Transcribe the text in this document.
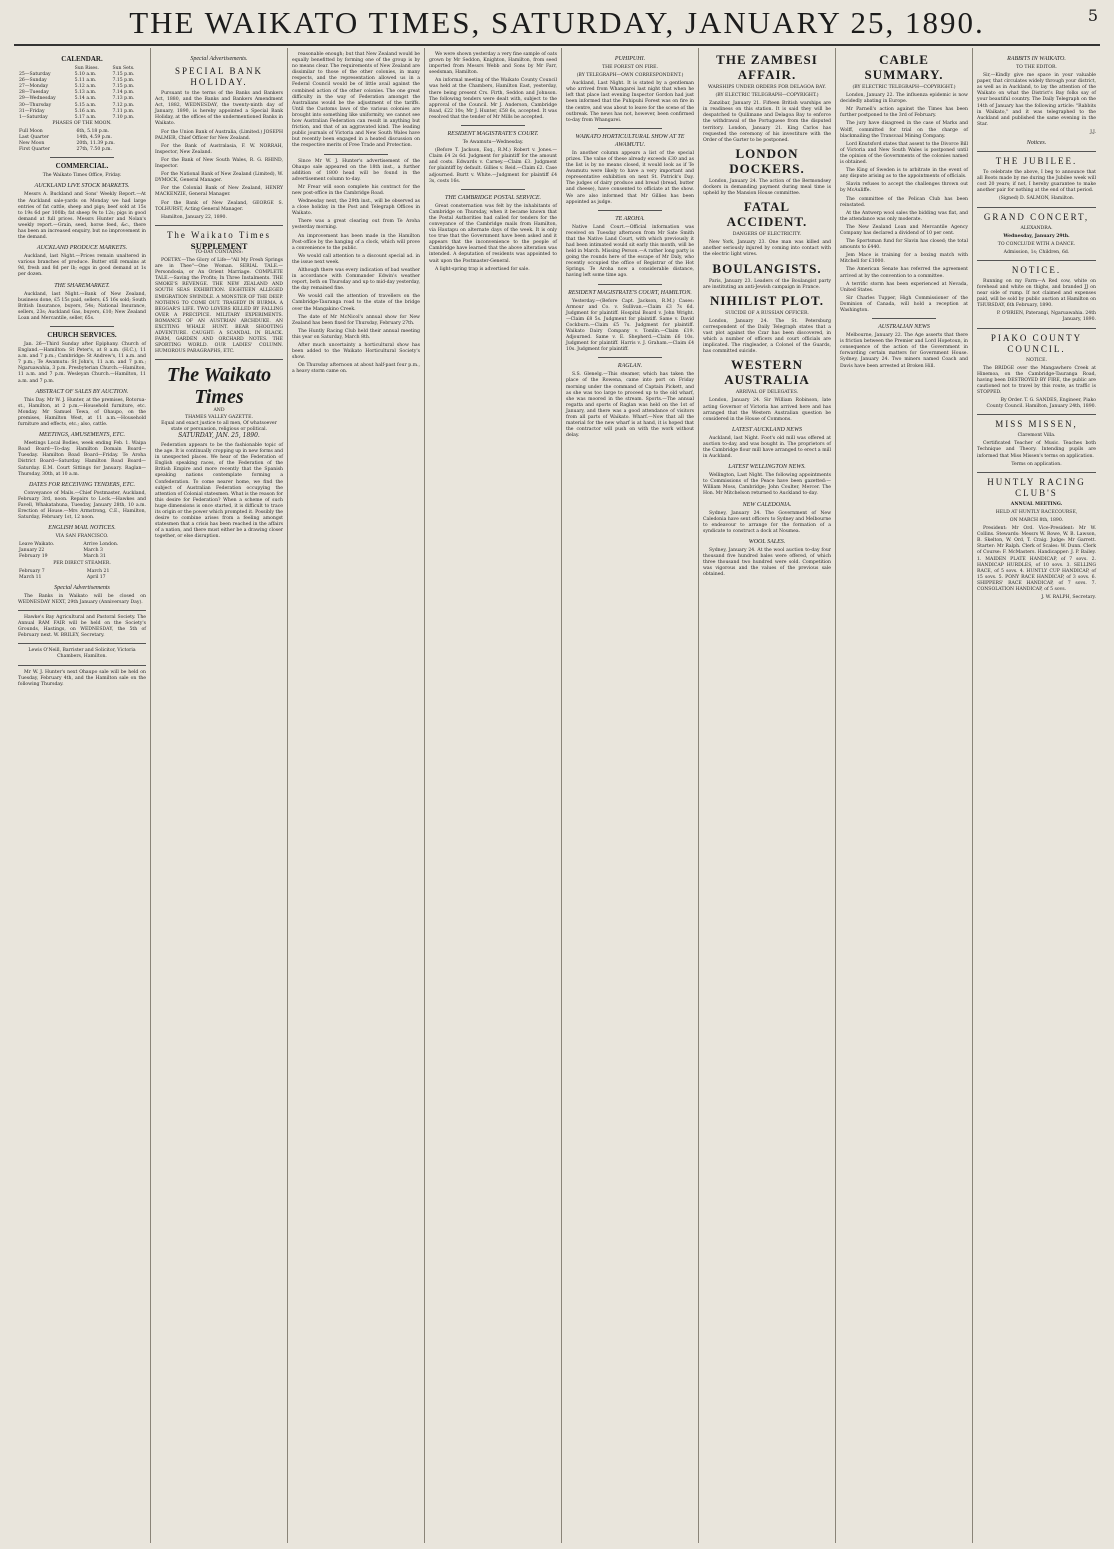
THE WAIKATO TIMES, SATURDAY, JANUARY 25, 1890.	5
CALENDAR.
	Sun Rises.	Sun Sets.
25—Saturday	5.10 a.m.	7.15 p.m.
26—Sunday	5.11 a.m.	7.15 p.m.
27—Monday	5.12 a.m.	7.15 p.m.
28—Tuesday	5.13 a.m.	7.14 p.m.
29—Wednesday	5.14 a.m.	7.13 p.m.
30—Thursday	5.15 a.m.	7.12 p.m.
31—Friday	5.16 a.m.	7.11 p.m.
1—Saturday	5.17 a.m.	7.10 p.m.
PHASES OF THE MOON.
Full Moon	6th, 5.18 p.m.
Last Quarter	14th, 4.59 p.m.
New Moon	20th, 11.39 p.m.
First Quarter	27th, 7.50 p.m.
COMMERCIAL.
The Waikato Times Office, Friday.
AUCKLAND LIVE STOCK MARKETS.

Messrs A. Buckland and Sons' Weekly Report.—At the Auckland sale-yards on Monday we had large entries of fat cattle, sheep and pigs; beef sold at 15s to 19s 6d per 100lb; fat sheep 9s to 12s; pigs in good demand at full prices. Messrs Hunter and Nolan's weekly report.—Grain, seed, horse feed, &c., there has been an increased enquiry, but no improvement in the demand.

AUCKLAND PRODUCE MARKETS.

Auckland, last Night.—Prices remain unaltered in various branches of produce. Butter still remains at 9d, fresh and 8d per lb; eggs in good demand at 1s per dozen.

THE SHAREMARKET.

Auckland, last Night.—Bank of New Zealand, business done, £5 15s paid, sellers, £5 16s sold; South British Insurance, buyers, 54s; National Insurance, sellers, 23s; Auckland Gas, buyers, £10; New Zealand Loan and Mercantile, seller, 65s.

CHURCH SERVICES.

Jan. 26—Third Sunday after Epiphany. Church of England.—Hamilton: St Peter's, at 8 a.m. (H.C.), 11 a.m. and 7 p.m.; Cambridge: St Andrew's, 11 a.m. and 7 p.m.; Te Awamutu: St John's, 11 a.m. and 7 p.m.; Ngaruawahia, 3 p.m. Presbyterian Church.—Hamilton, 11 a.m. and 7 p.m. Wesleyan Church.—Hamilton, 11 a.m. and 7 p.m.

ABSTRACT OF SALES BY AUCTION.

This Day. Mr W. J. Hunter, at the premises, Rotorua-st., Hamilton, at 2 p.m.—Household furniture, etc. Monday. Mr Samuel Tewa, of Ohaupo, on the premises, Hamilton West, at 11 a.m.—Household furniture and effects, etc.; also, cattle.

MEETINGS, AMUSEMENTS, ETC.

Meetings Local Bodies, week ending Feb. 1. Waipa Road Board—To-day. Hamilton Domain Board—Tuesday. Hamilton Road Board—Friday. Te Aroha District Board—Saturday. Hamilton Road Board—Saturday. E.M. Court Sittings for January. Raglan—Thursday, 30th, at 10 a.m.

DATES FOR RECEIVING TENDERS, ETC.

Conveyance of Mails.—Chief Postmaster, Auckland, February 3rd, noon. Repairs to Lock.—Hawkes and Favell, Whakatahuna, Tuesday, January 28th, 10 a.m. Erection of House.—Mrs Armstrong, C.E., Hamilton, Saturday, February 1st, 12 noon.

ENGLISH MAIL NOTICES.
VIA SAN FRANCISCO.
Leave Waikato.	Arrive London.
January 22	March 3
February 19	March 31
PER DIRECT STEAMER.
February 7	March 21
March 11	April 17
Special Advertisements

The Banks in Waikato will be closed on WEDNESDAY NEXT, 29th January (Anniversary Day).

Hawke's Bay Agricultural and Pastoral Society. The Annual RAM FAIR will be held on the Society's Grounds, Hastings, on WEDNESDAY, the 5th of February next. W. BRILEY, Secretary.

Lewis O'Neill, Barrister and Solicitor, Victoria Chambers, Hamilton.

Mr W. J. Hunter's next Ohaupo sale will be held on Tuesday, February 4th, and the Hamilton sale on the following Thursday.

Special Advertisements.
SPECIAL BANK HOLIDAY.

Pursuant to the terms of the Banks and Bankers Act, 1880, and the Banks and Bankers Amendment Act, 1882, WEDNESDAY, the twenty-ninth day of January, 1890, is hereby appointed a Special Bank Holiday, at the offices of the undermentioned Banks in Waikato.

For the Union Bank of Australia, (Limited.) JOSEPH PALMER, Chief Officer for New Zealand.

For the Bank of Australasia, F. W. NORRAH, Inspector, New Zealand.

For the Bank of New South Wales, R. G. RHIND, Inspector.

For the National Bank of New Zealand (Limited), W. DYMOCK, General Manager.

For the Colonial Bank of New Zealand, HENRY MACKENZIE, General Manager.

For the Bank of New Zealand, GEORGE S. TOLHURST, Acting General Manager.

Hamilton, January 22, 1890.

The Waikato Times
SUPPLEMENT
TO-DAY CONTAINS:

POETRY.—The Glory of Life—"All My Fresh Springs are in Thee"—One Woman. SERIAL TALE.—Persondosia, or An Orient Marriage. COMPLETE TALE.—Saving the Profits; In Three Instalments. THE SMOKE'S REVENGE. THE NEW ZEALAND AND SOUTH SEAS EXHIBITION. EIGHTEEN ALLEGED EMIGRATION SWINDLE. A MONSTER OF THE DEEP. NOTHING TO COME OUT. TRAGEDY IN BURMA. A BEGGAR'S LIFE. TWO LOVERS KILLED BY FALLING OVER A PRECIPICE. MILITARY EXPERIMENTS. ROMANCE OF AN AUSTRIAN ARCHDUKE. AN EXCITING WHALE HUNT. BEAR SHOOTING ADVENTURE. CAUGHT: A SCANDAL IN BLACK. FARM, GARDEN AND ORCHARD NOTES. THE SPORTING WORLD. OUR LADIES' COLUMN. HUMOROUS PARAGRAPHS, ETC.

The Waikato Times
AND
THAMES VALLEY GAZETTE.
Equal and exact justice to all men, Of whatsoever state or persuasion, religious or political.
SATURDAY, JAN. 25, 1890.

Federation appears to be the fashionable topic of the age. It is continually cropping up in new forms and in unexpected places. We hear of the Federation of English speaking races, of the Federation of the British Empire and more recently that the Spanish speaking nations contemplate forming a Confederation. To come nearer home, we find the subject of Australian Federation occupying the attention of Colonial statesmen. What is the reason for this desire for Federation? When a scheme of such huge dimensions is once started, it is difficult to trace its origin or the power which prompted it. Possibly the desire to combine arises from a feeling amongst statesmen that a crisis has been reached in the affairs of a nation, and there must either be a drawing closer together, or else disruption.

reasonable enough; but that New Zealand would be equally benefitted by forming one of the group is by no means clear. The requirements of New Zealand are dissimilar to those of the other colonies, in many respects, and the representation allowed us in a Federal Council would be of little avail against the combined action of the other colonies. The one great difficulty in the way of Federation amongst the Australians would be the adjustment of the tariffs. Until the Customs laws of the various colonies are brought into something like uniformity, we cannot see how Australian Federation can result in anything but friction, and that of an aggravated kind. The leading public journals of Victoria and New South Wales have but recently been engaged in a heated discussion on the respective merits of Free Trade and Protection.

Since Mr W. J. Hunter's advertisement of the Ohaupo sale appeared on the 18th inst., a further addition of 1800 head will be found in the advertisement column to-day.

Mr Frear will soon complete his contract for the new post-office in the Cambridge Road.

Wednesday next, the 29th inst., will be observed as a close holiday in the Post and Telegraph Offices in Waikato.

There was a great clearing out from Te Aroha yesterday morning.

An improvement has been made in the Hamilton Post-office by the hanging of a clock, which will prove a convenience to the public.

We would call attention to a discount special ad. in the issue next week.

Although there was every indication of bad weather in accordance with Commander Edwin's weather report, both on Thursday and up to mid-day yesterday, the day remained fine.

We would call the attention of travellers on the Cambridge-Tauranga road to the state of the bridge over the Mangakino Creek.

The date of Mr McNicol's annual show for New Zealand has been fixed for Thursday, February 27th.

The Huntly Racing Club held their annual meeting this year on Saturday, March 8th.

After much uncertainty a horticultural show has been added to the Waikato Horticultural Society's show.

On Thursday afternoon at about half-past four p.m., a heavy storm came on.

We were shown yesterday a very fine sample of oats grown by Mr Seddon, Knighton, Hamilton, from seed imported from Messrs Webb and Sons by Mr Farr, seedsman, Hamilton.

An informal meeting of the Waikato County Council was held at the Chambers, Hamilton East, yesterday, there being present Crs. Firth, Seddon and Johnson. The following tenders were dealt with, subject to the approval of the Council. Mr J. Anderson, Cambridge Road, £22 10s; Mr J. Hunter, £58 6s, accepted. It was resolved that the tender of Mr Mills be accepted.

RESIDENT MAGISTRATE'S COURT.
Te Awamutu—Wednesday.

(Before T. Jackson, Esq., R.M.) Robert v. Jones.—Claim £4 2s 6d. Judgment for plaintiff for the amount and costs. Edwards v. Carney.—Claim £3. Judgment for plaintiff by default. Gillies v. Reid.—Claim £2. Case adjourned. Burtt v. White.—Judgment for plaintiff £4 3s, costs 16s.

THE CAMBRIDGE POSTAL SERVICE.

Great consternation was felt by the inhabitants of Cambridge on Thursday, when it became known that the Postal Authorities had called for tenders for the conveyance of the Cambridge mails from Hamilton, via Hautapu on alternate days of the week. It is only too true that the Government have been asked and it appears that the inconvenience to the people of Cambridge have learned that the above alteration was intended. A deputation of residents was appointed to wait upon the Postmaster-General.

A light-spring trap is advertised for sale.

PUHIPUHI.
THE FOREST ON FIRE.
(BY TELEGRAPH—OWN CORRESPONDENT.)

Auckland, Last Night. It is stated by a gentleman who arrived from Whangarei last night that when he left that place last evening Inspector Gordon had just been informed that the Puhipuhi Forest was on fire in the centre, and was about to leave for the scene of the outbreak. The news has not, however, been confirmed to-day from Whangarei.

WAIKATO HORTICULTURAL SHOW AT TE AWAMUTU.

In another column appears a list of the special prizes. The value of these already exceeds £30 and as the list is by no means closed, it would look as if Te Awamutu were likely to have a very important and representative exhibition on next St. Patrick's Day. The judges of dairy produce and bread (bread, butter and cheese), have consented to officiate at the show. We are also informed that Mr Gillies has been appointed as judge.

TE AROHA.

Native Land Court.—Official information was received on Tuesday afternoon from Mr Sate Smith that the Native Land Court, with which previously it had been intimated would sit early this month, will be held in March. Missing Person.—A rather long party is going the rounds here of the escape of Mr Daly, who recently occupied the office of Registrar of the Hot Springs. Te Aroha now a considerable distance, having left some time ago.

RESIDENT MAGISTRATE'S COURT, HAMILTON.

Yesterday.—(Before Capt. Jackson, R.M.) Cases: Armour and Co. v. Sullivan.—Claim £3 7s 6d. Judgment for plaintiff. Hospital Board v. John Wright.—Claim £8 5s. Judgment for plaintiff. Same v. David Cockburn.—Claim £5 7s. Judgment for plaintiff. Waikato Dairy Company v. Tomlin.—Claim £19. Adjourned. Same v. E. Shepherd.—Claim £6 10s. Judgment for plaintiff. Harris v. J. Graham.—Claim £4 10s. Judgment for plaintiff.

RAGLAN.

S.S. Glenelg.—This steamer, which has taken the place of the Rowena, came into port on Friday morning under the command of Captain Pickett, and as she was too large to proceed up to the old wharf, she was moored in the stream. Sports.—The annual regatta and sports of Raglan was held on the 1st of January, and there was a good attendance of visitors from all parts of Waikato. Wharf.—Now that all the material for the new wharf is at hand, it is hoped that the contractor will push on with the work without delay.

THE ZAMBESI AFFAIR.
WARSHIPS UNDER ORDERS FOR DELAGOA BAY.
(BY ELECTRIC TELEGRAPH—COPYRIGHT.)

Zanzibar, January 21. Fifteen British warships are in readiness on this station. It is said they will be despatched to Quilimane and Delagoa Bay to enforce the withdrawal of the Portuguese from the disputed territory. London, January 21. King Carlos has requested the ceremony of his investiture with the Order of the Garter to be postponed.

LONDON DOCKERS.

London, January 24. The action of the Bermondsey dockers in demanding payment during meal time is upheld by the Mansion House committee.

FATAL ACCIDENT.
DANGERS OF ELECTRICITY.

New York, January 23. One man was killed and another seriously injured by coming into contact with the electric light wires.

BOULANGISTS.

Paris, January 23. Leaders of the Boulangist party are instituting an anti-Jewish campaign in France.

NIHILIST PLOT.
SUICIDE OF A RUSSIAN OFFICER.

London, January 24. The St. Petersburg correspondent of the Daily Telegraph states that a vast plot against the Czar has been discovered, in which a number of officers and court officials are implicated. The ringleader, a Colonel of the Guards, has committed suicide.

WESTERN AUSTRALIA
ARRIVAL OF DELEGATES.

London, January 24. Sir William Robinson, late acting Governor of Victoria has arrived here and has arranged that the Western Australian question be considered in the House of Commons.

LATEST AUCKLAND NEWS

Auckland, last Night. Foot's old mill was offered at auction to-day, and was bought in. The proprietors of the Cambridge flour mill have arranged to erect a mill in Auckland.

LATEST WELLINGTON NEWS.

Wellington, Last Night. The following appointments to Commissions of the Peace have been gazetted:—William Moss, Cambridge; John Coulter, Mercer. The Hon. Mr Mitchelson returned to Auckland to-day.

NEW CALEDONIA.

Sydney, January 24. The Government of New Caledonia have sent officers to Sydney and Melbourne to endeavour to arrange for the formation of a syndicate to construct a dock at Noumea.

WOOL SALES.

Sydney, January 24. At the wool auction to-day four thousand five hundred bales were offered, of which three thousand two hundred were sold. Competition was vigorous and the values of the previous sale obtained.

CABLE SUMMARY.
(BY ELECTRIC TELEGRAPH—COPYRIGHT.)

London, January 22. The influenza epidemic is now decidedly abating in Europe.

Mr Parnell's action against the Times has been further postponed to the 3rd of February.

The jury have disagreed in the case of Marks and Wolff, committed for trial on the charge of blackmailing the Transvaal Mining Company.

Lord Knutsford states that assent to the Divorce Bill of Victoria and New South Wales is postponed until the opinion of the Governments of the colonies named is obtained.

The King of Sweden is to arbitrate in the event of any dispute arising as to the appointments of officials.

Slavin refuses to accept the challenges thrown out by McAuliffe.

The committee of the Pelican Club has been reinstated.

At the Antwerp wool sales the bidding was flat, and the attendance was only moderate.

The New Zealand Loan and Mercantile Agency Company has declared a dividend of 10 per cent.

The Sportsman fund for Slavin has closed; the total amounts to £440.

Jem Mace is training for a boxing match with Mitchell for £1000.

The American Senate has referred the agreement arrived at by the convention to a committee.

A terrific storm has been experienced at Nevada, United States.

Sir Charles Tupper, High Commissioner of the Dominion of Canada, will hold a reception at Washington.

AUSTRALIAN NEWS

Melbourne, January 22. The Age asserts that there is friction between the Premier and Lord Hopetoun, in consequence of the action of the Government in forwarding certain matters for Government House. Sydney, January 24. Two miners named Coach and Davis have been arrested at Broken Hill.

RABBITS IN WAIKATO.
TO THE EDITOR.

Sir,—Kindly give me space in your valuable paper, that circulates widely through your district, as well as in Auckland, to lay the attention of the Waikato on what the District's Bay folks say of your beautiful country. The Daily Telegraph on the 14th of January has the following article: "Rabbits in Waikato," and it was telegraphed to the Auckland and published the same evening in the Star.

J.J.

Notices.
THE JUBILEE.

To celebrate the above, I beg to announce that all Boots made by me during the Jubilee week will cost 20 years; if not, I hereby guarantee to make another pair for nothing at the end of that period.

(Signed) D. SALMON, Hamilton.

GRAND CONCERT,
ALEXANDRA.
Wednesday, January 29th.
TO CONCLUDE WITH A DANCE.
Admission, 1s; Children, 6d.
NOTICE.

Running on my Farm—A Red cow, white on forehead and white on thighs, and branded JJ on near side of rump. If not claimed and expenses paid, will be sold by public auction at Hamilton on THURSDAY, 6th February, 1890.

P. O'BRIEN, Paterangi, Ngaruawahia. 24th January, 1890.

PIAKO COUNTY COUNCIL.
NOTICE.

The BRIDGE over the Mangawhero Creek at Hinemoa, on the Cambridge-Tauranga Road, having been DESTROYED BY FIRE, the public are cautioned not to travel by this route, as traffic is STOPPED.

By Order. T. G. SANDES, Engineer, Piako County Council. Hamilton, January 24th, 1890.

MISS MISSEN,
Claremont Villa.

Certificated Teacher of Music. Teaches both Technique and Theory. Intending pupils are informed that Miss Missen's terms on application.

Terms on application.
HUNTLY RACING CLUB'S
ANNUAL MEETING.
HELD AT HUNTLY RACECOURSE,
ON MARCH 8th, 1890.

President: Mr Ord. Vice-President: Mr W. Collins. Stewards: Messrs W. Rowe, W. B. Lawson, B. Skelton, W. Ord, T. Craig. Judge: Mr Garrett. Starter: Mr Ralph. Clerk of Scales: W. Dunn. Clerk of Course: F. McMasters. Handicapper: J. P. Bailey. 1. MAIDEN PLATE HANDICAP, of 7 sovs. 2. HANDICAP HURDLES, of 10 sovs. 3. SELLING RACE, of 5 sovs. 4. HUNTLY CUP HANDICAP, of 15 sovs. 5. PONY RACE HANDICAP, of 3 sovs. 6. SHIPPERS' RACE HANDICAP, of 7 sovs. 7. CONSOLATION HANDICAP, of 5 sovs.

J. W. RALPH, Secretary.
